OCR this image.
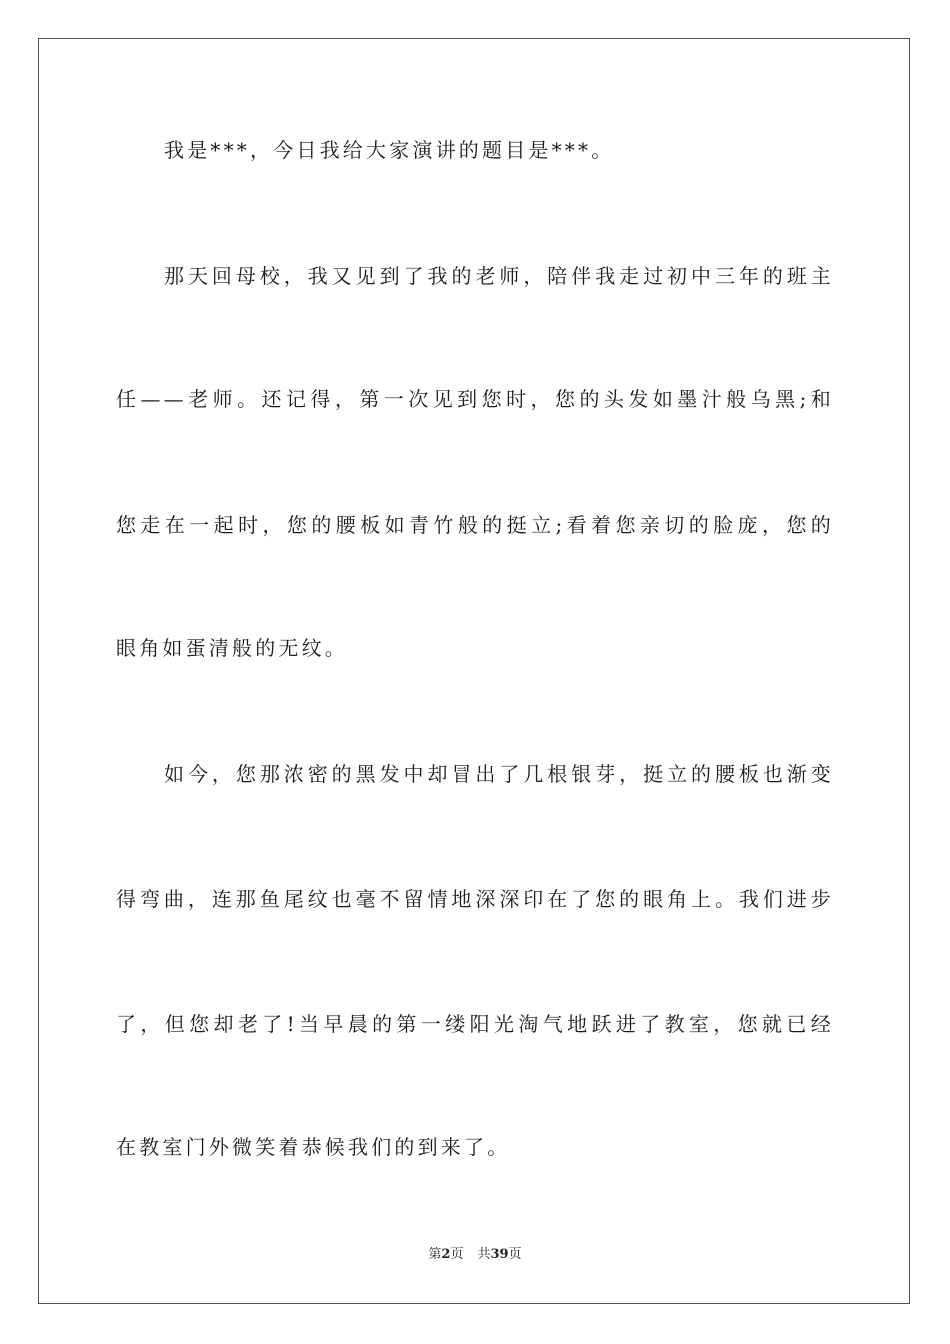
我是***，今日我给大家演讲的题目是***。
那天回母校，我又见到了我的老师，陪伴我走过初中三年的班主
任——老师。还记得，第一次见到您时，您的头发如墨汁般乌黑;和
您走在一起时，您的腰板如青竹般的挺立;看着您亲切的脸庞，您的
眼角如蛋清般的无纹。
如今，您那浓密的黑发中却冒出了几根银芽，挺立的腰板也渐变
得弯曲，连那鱼尾纹也毫不留情地深深印在了您的眼角上。我们进步
了，但您却老了!当早晨的第一缕阳光淘气地跃进了教室，您就已经
在教室门外微笑着恭候我们的到来了。
第2页 共39页
